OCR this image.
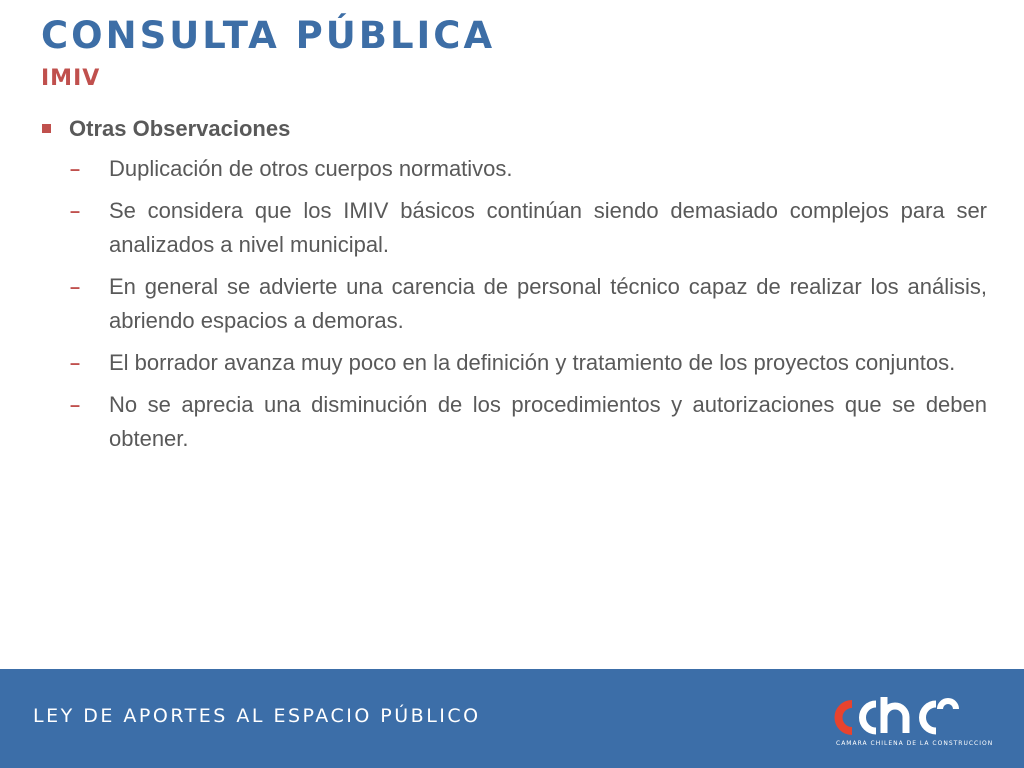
CONSULTA PÚBLICA
IMIV
Otras Observaciones
– Duplicación de otros cuerpos normativos.
– Se considera que los IMIV básicos continúan siendo demasiado complejos para ser analizados a nivel municipal.
– En general se advierte una carencia de personal técnico capaz de realizar los análisis, abriendo espacios a demoras.
– El borrador avanza muy poco en la definición y tratamiento de los proyectos conjuntos.
– No se aprecia una disminución de los procedimientos y autorizaciones que se deben obtener.
LEY DE APORTES AL ESPACIO PÚBLICO
CAMARA CHILENA DE LA CONSTRUCCION
